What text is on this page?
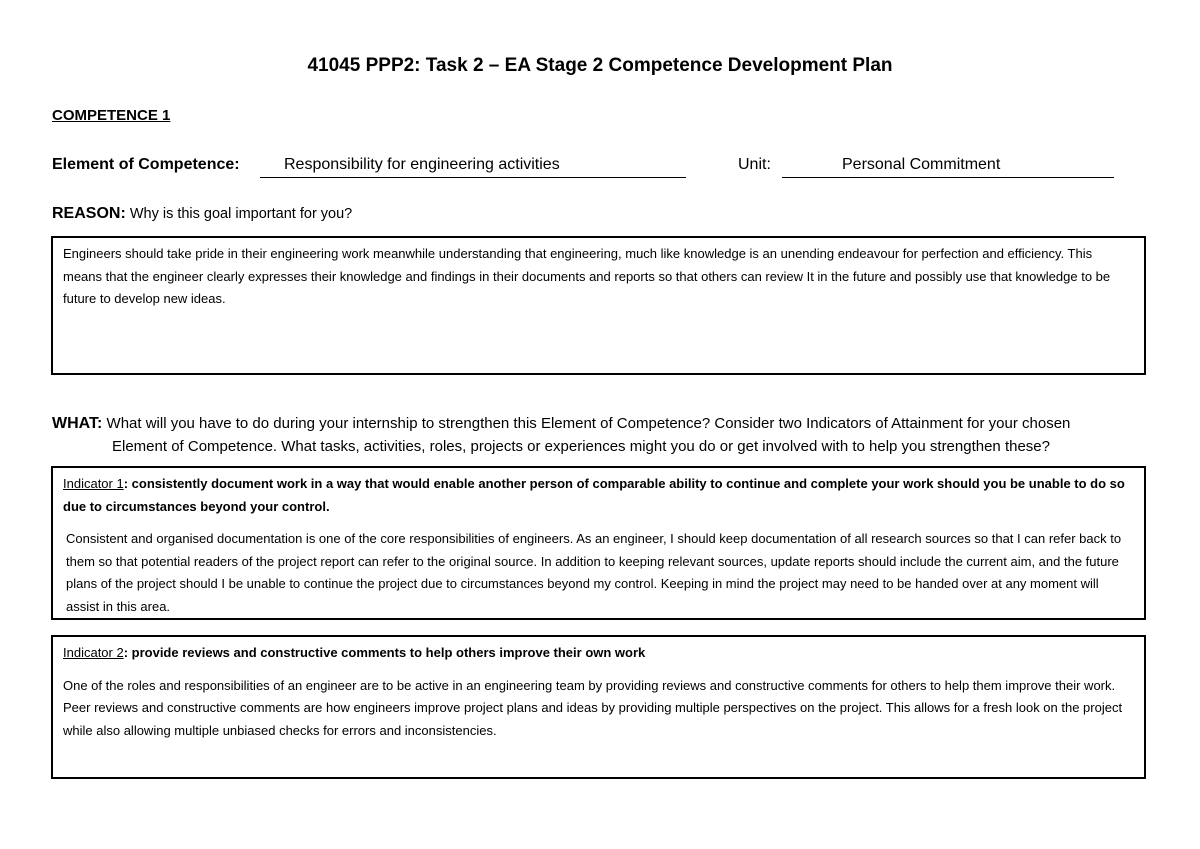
41045 PPP2: Task 2 – EA Stage 2 Competence Development Plan
COMPETENCE 1
Element of Competence:	Responsibility for engineering activities	Unit:	Personal Commitment
REASON: Why is this goal important for you?

Engineers should take pride in their engineering work meanwhile understanding that engineering, much like knowledge is an unending endeavour for perfection and efficiency. This means that the engineer clearly expresses their knowledge and findings in their documents and reports so that others can review It in the future and possibly use that knowledge to be future to develop new ideas.

WHAT: What will you have to do during your internship to strengthen this Element of Competence? Consider two Indicators of Attainment for your chosen
Element of Competence. What tasks, activities, roles, projects or experiences might you do or get involved with to help you strengthen these?

Indicator 1: consistently document work in a way that would enable another person of comparable ability to continue and complete your work should you be unable to do so due to circumstances beyond your control.

Consistent and organised documentation is one of the core responsibilities of engineers. As an engineer, I should keep documentation of all research sources so that I can refer back to them so that potential readers of the project report can refer to the original source. In addition to keeping relevant sources, update reports should include the current aim, and the future plans of the project should I be unable to continue the project due to circumstances beyond my control. Keeping in mind the project may need to be handed over at any moment will assist in this area.

Indicator 2: provide reviews and constructive comments to help others improve their own work

One of the roles and responsibilities of an engineer are to be active in an engineering team by providing reviews and constructive comments for others to help them improve their work. Peer reviews and constructive comments are how engineers improve project plans and ideas by providing multiple perspectives on the project. This allows for a fresh look on the project while also allowing multiple unbiased checks for errors and inconsistencies.
